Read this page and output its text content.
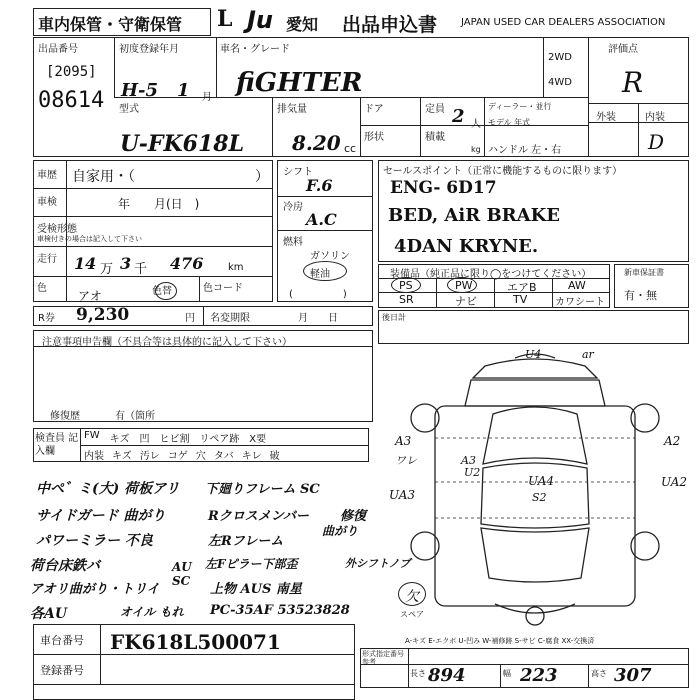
車内保管・守衛保管 L Ju 愛知 出品申込書 JAPAN USED CAR DEALERS ASSOCIATION
出品番号	初度登録年月	車名・グレード
2WD
4WD
評価点
外装	内装
[2095]
08614 H-5 1 月 fiGHTER	R
D
型式
U-FK618L
排気量
8.20 cc
ドア	定員 2 人
ディーラー・並行
モデル 年式
形状	積載
kg ハンドル 左・右
車歴 自家用・（	）
車検	年　　月(日　)
受検形態
車検付きの場合は記入して下さい
走行 14 万 3 千 476 km
色
アオ	色替	色コード
シフト
F.6
冷房
A.C
燃料
ガソリン
軽油
(　　　　　)
セールスポイント（正常に機能するものに限ります）
ENG- 6D17
BED, AiR BRAKE
4DAN KRYNE.
装備品（純正品に限り◯をつけてください）
PS	PW	エアB	AW
SR	ナビ	TV	カワシート
新車保証書
有・無
R券 9,230	円 名変期限	月　　日	後日計
注意事項申告欄（不具合等は具体的に記入して下さい）
修復歴	有（箇所
検査員 記入欄
FW キズ 凹 ヒビ割 リペア跡 X要
内装 キズ 汚レ コゲ 穴 タバ キレ 破
中ペ゛ミ(大) 荷板アリ
サイドガード 曲がり
パワーミラー 不良
荷台床鉄バ
アオリ曲がり・トリイ
各AU
下廻りフレーム SC
Rクロスメンバー
左Rフレーム
左Fピラー下部歪
上物 AUS 南星
PC-35AF 53523828
修復
曲がり
オイル もれ
AU
SC
外シフトノブ
U4	ar
A3
ワレ
A2
A3
U2
UA3
UA2
UA4
S2
欠
スペア
A-キズ E-エクボ U-凹み W-補修跡 S-サビ C-腐食 XX-交換済
車台番号 FK618L500071
登録番号
形式指定番号 参考
長さ 894	幅 223	高さ 307
